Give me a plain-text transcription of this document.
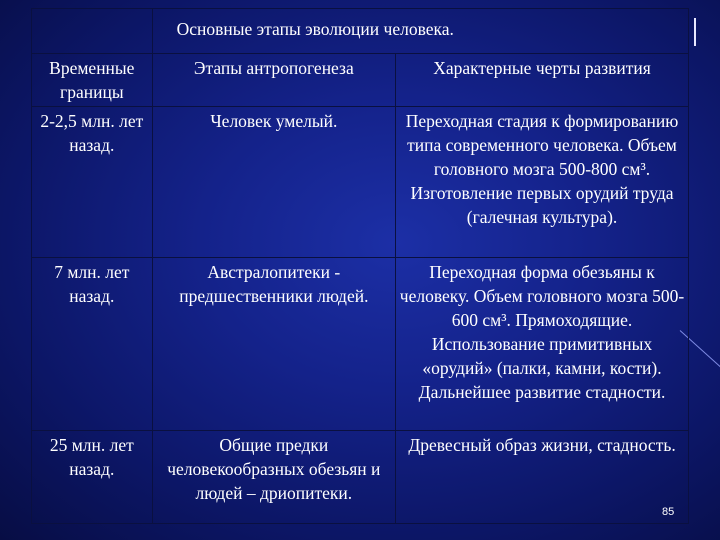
	Основные этапы эволюции человека.	
Временные границы	Этапы антропогенеза	Характерные черты развития
2-2,5 млн. лет назад.	Человек умелый.	Переходная стадия к формированию типа современного человека. Объем головного мозга 500-800 см³. Изготовление первых орудий труда (галечная культура).
7 млн. лет назад.	Австралопитеки - предшественники людей.	Переходная форма обезьяны к человеку. Объем головного мозга 500-600 см³. Прямоходящие. Использование примитивных «орудий» (палки, камни, кости). Дальнейшее развитие стадности.
25 млн. лет назад.	Общие предки человекообразных обезьян и людей – дриопитеки.	Древесный образ жизни, стадность.
85
